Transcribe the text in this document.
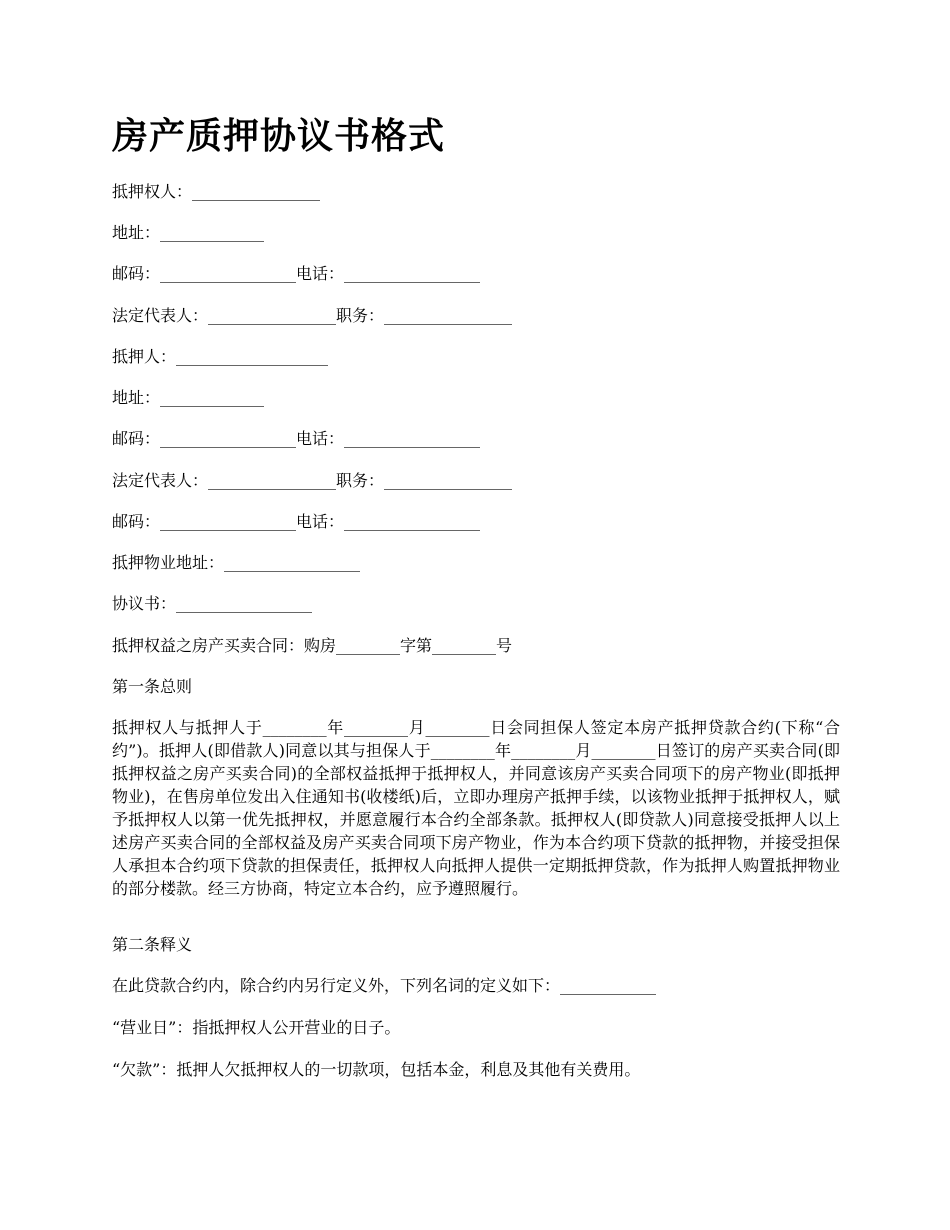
房产质押协议书格式

抵押权人：________________

地址：_____________

邮码：_________________电话：_________________

法定代表人：________________职务：________________

抵押人：___________________

地址：_____________

邮码：_________________电话：_________________

法定代表人：________________职务：________________

邮码：_________________电话：_________________

抵押物业地址：_________________

协议书：_________________

抵押权益之房产买卖合同：购房________字第________号

第一条总则

抵押权人与抵押人于________年________月________日会同担保人签定本房产抵押贷款合约(下称“合约”)。抵押人(即借款人)同意以其与担保人于________年________月________日签订的房产买卖合同(即抵押权益之房产买卖合同)的全部权益抵押于抵押权人，并同意该房产买卖合同项下的房产物业(即抵押物业)，在售房单位发出入住通知书(收楼纸)后，立即办理房产抵押手续，以该物业抵押于抵押权人，赋予抵押权人以第一优先抵押权，并愿意履行本合约全部条款。抵押权人(即贷款人)同意接受抵押人以上述房产买卖合同的全部权益及房产买卖合同项下房产物业，作为本合约项下贷款的抵押物，并接受担保人承担本合约项下贷款的担保责任，抵押权人向抵押人提供一定期抵押贷款，作为抵押人购置抵押物业的部分楼款。经三方协商，特定立本合约，应予遵照履行。

第二条释义

在此贷款合约内，除合约内另行定义外，下列名词的定义如下：____________

“营业日”：指抵押权人公开营业的日子。

“欠款”：抵押人欠抵押权人的一切款项，包括本金，利息及其他有关费用。
